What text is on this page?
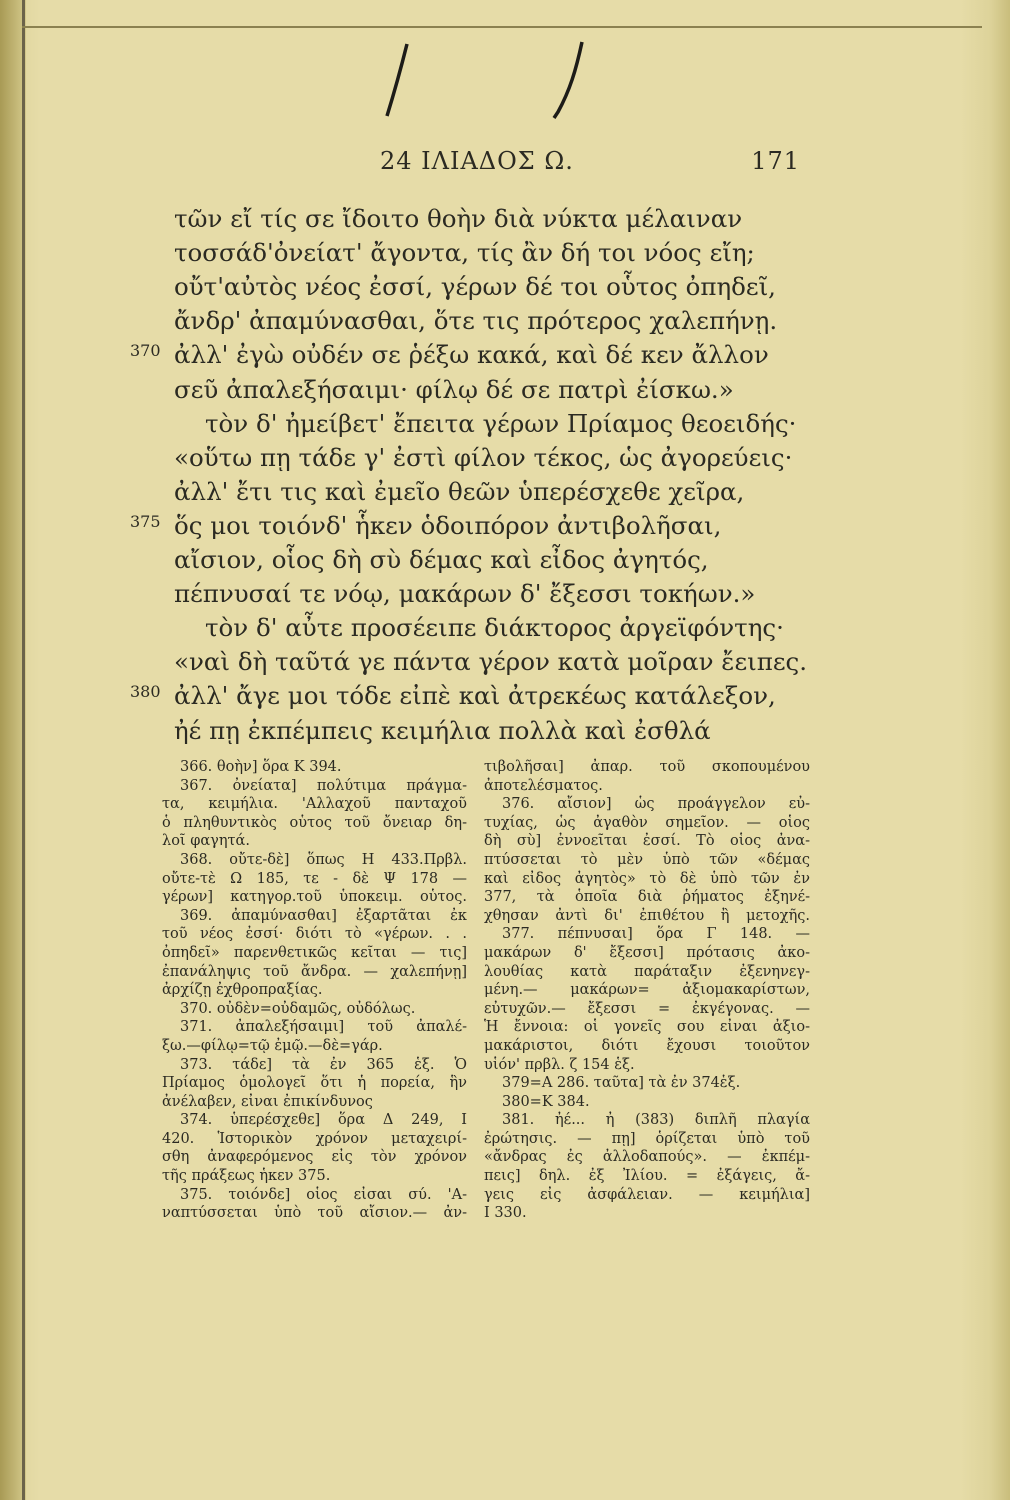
24 ΙΛΙΑΔΟΣ Ω.	171
τῶν εἴ τίς σε ἴδοιτο θοὴν διὰ νύκτα μέλαιναν
τοσσάδ'ὀνείατ' ἄγοντα, τίς ἂν δή τοι νόος εἴη;
οὔτ'αὐτὸς νέος ἐσσί, γέρων δέ τοι οὗτος ὀπηδεῖ,
ἄνδρ' ἀπαμύνασθαι, ὅτε τις πρότερος χαλεπήνῃ.
ἀλλ' ἐγὼ οὐδέν σε ῥέξω κακά, καὶ δέ κεν ἄλλον
370
σεῦ ἀπαλεξήσαιμι· φίλῳ δέ σε πατρὶ ἐίσκω.»
τὸν δ' ἠμείβετ' ἔπειτα γέρων Πρίαμος θεοειδής·
«οὕτω πῃ τάδε γ' ἐστὶ φίλον τέκος, ὡς ἀγορεύεις·
ἀλλ' ἔτι τις καὶ ἐμεῖο θεῶν ὑπερέσχεθε χεῖρα,
ὅς μοι τοιόνδ' ἧκεν ὁδοιπόρον ἀντιβολῆσαι,
375
αἴσιον, οἷος δὴ σὺ δέμας καὶ εἶδος ἀγητός,
πέπνυσαί τε νόῳ, μακάρων δ' ἔξεσσι τοκήων.»
τὸν δ' αὖτε προσέειπε διάκτορος ἀργεϊφόντης·
«ναὶ δὴ ταῦτά γε πάντα γέρον κατὰ μοῖραν ἔειπες.
ἀλλ' ἄγε μοι τόδε εἰπὲ καὶ ἀτρεκέως κατάλεξον,
380
ἠέ πῃ ἐκπέμπεις κειμήλια πολλὰ καὶ ἐσθλά
366. θοὴν] ὅρα Κ 394.
367. ὀνείατα] πολύτιμα πράγμα-
τα, κειμήλια. 'Αλλαχοῦ πανταχοῦ
ὁ πληθυντικὸς οὗτος τοῦ ὄνειαρ δη-
λοῖ φαγητά.
368. οὔτε-δὲ] ὅπως Η 433.Πρβλ.
οὔτε-τὲ Ω 185, τε - δὲ Ψ 178 —
γέρων] κατηγορ.τοῦ ὑποκειμ. οὗτος.
369. ἀπαμύνασθαι] ἐξαρτᾶται ἐκ
τοῦ νέος ἐσσί· διότι τὸ «γέρων. . .
ὀπηδεῖ» παρενθετικῶς κεῖται — τις]
ἐπανάληψις τοῦ ἄνδρα. — χαλεπήνῃ]
ἀρχίζῃ ἐχθροπραξίας.
370. οὐδὲν=οὐδαμῶς, οὐδόλως.
371. ἀπαλεξήσαιμι] τοῦ ἀπαλέ-
ξω.—φίλῳ=τῷ ἐμῷ.—δὲ=γάρ.
373. τάδε] τὰ ἐν 365 ἑξ. Ὁ
Πρίαμος ὁμολογεῖ ὅτι ἡ πορεία, ἣν
ἀνέλαβεν, εἶναι ἐπικίνδυνος
374. ὑπερέσχεθε] ὅρα Δ 249, Ι
420. Ἱστορικὸν χρόνον μεταχειρί-
σθη ἀναφερόμενος εἰς τὸν χρόνον
τῆς πράξεως ἧκεν 375.
375. τοιόνδε] οἷος εἶσαι σύ. 'Α-
ναπτύσσεται ὑπὸ τοῦ αἴσιον.— ἀν-
τιβολῆσαι] ἀπαρ. τοῦ σκοπουμένου
ἀποτελέσματος.
376. αἴσιον] ὡς προάγγελον εὐ-
τυχίας, ὡς ἀγαθὸν σημεῖον. — οἷος
δὴ σὺ] ἐννοεῖται ἐσσί. Τὸ οἷος ἀνα-
πτύσσεται τὸ μὲν ὑπὸ τῶν «δέμας
καὶ εἶδος ἀγητὸς» τὸ δὲ ὑπὸ τῶν ἐν
377, τὰ ὁποῖα διὰ ῥήματος ἐξηνέ-
χθησαν ἀντὶ δι' ἐπιθέτου ἢ μετοχῆς.
377. πέπνυσαι] ὅρα Γ 148. —
μακάρων δ' ἔξεσσι] πρότασις ἀκο-
λουθίας κατὰ παράταξιν ἐξενηνεγ-
μένη.— μακάρων= ἀξιομακαρίστων,
εὐτυχῶν.— ἔξεσσι = ἐκγέγονας. —
Ἡ ἔννοια: οἱ γονεῖς σου εἶναι ἀξιο-
μακάριστοι, διότι ἔχουσι τοιοῦτον
υἱόν' πρβλ. ζ 154 ἑξ.
379=Α 286. ταῦτα] τὰ ἐν 374ἑξ.
380=Κ 384.
381. ἠέ... ἦ (383) διπλῆ πλαγία
ἐρώτησις. — πῃ] ὁρίζεται ὑπὸ τοῦ
«ἄνδρας ἐς ἀλλοδαπούς». — ἐκπέμ-
πεις] δηλ. ἐξ Ἰλίου. = ἐξάγεις, ἄ-
γεις εἰς ἀσφάλειαν. — κειμήλια]
Ι 330.
